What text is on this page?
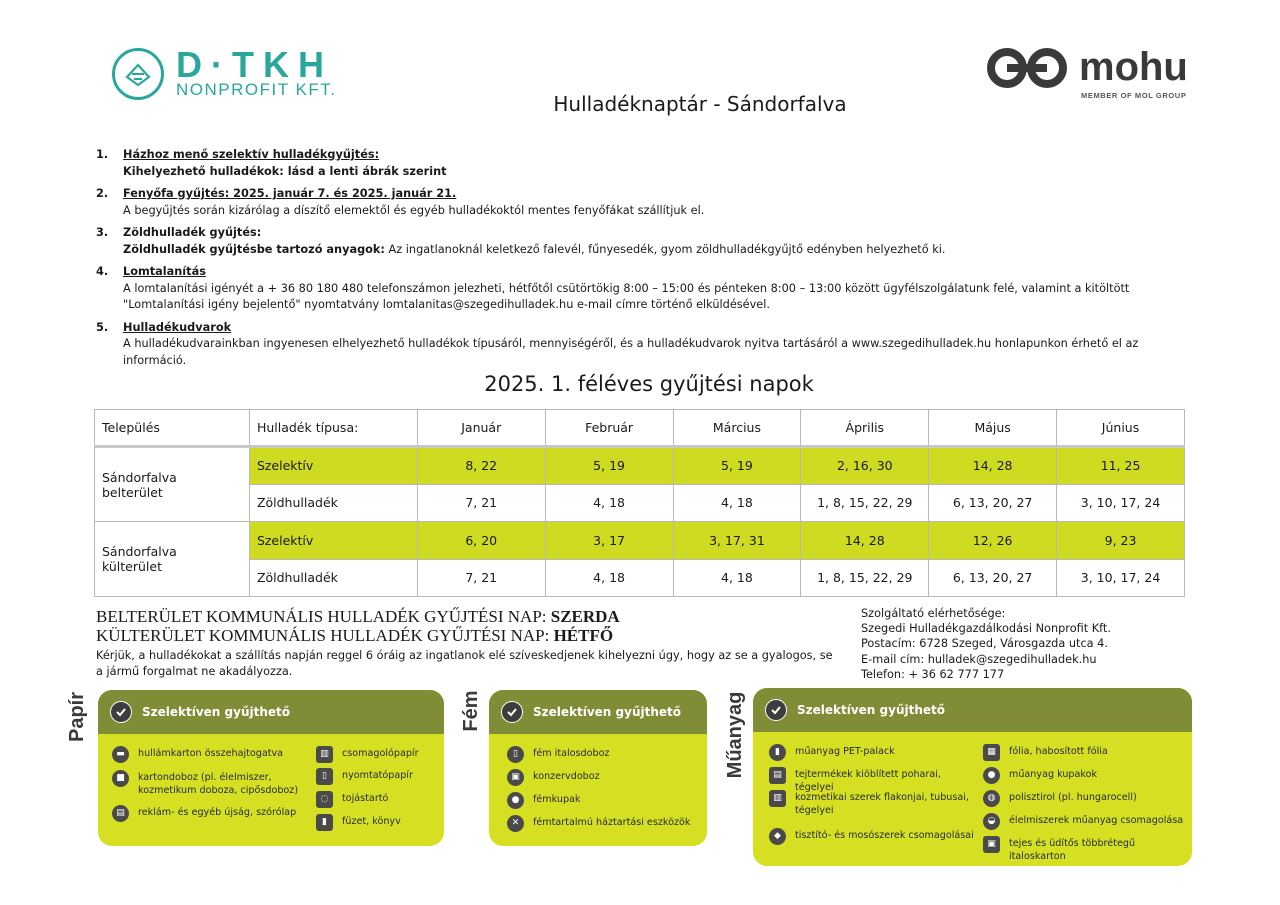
D·TKH
NONPROFIT KFT.
mohu
MEMBER OF MOL GROUP
Hulladéknaptár - Sándorfalva
1. Házhoz menő szelektív hulladékgyűjtés:
Kihelyezhető hulladékok: lásd a lenti ábrák szerint
2. Fenyőfa gyűjtés: 2025. január 7. és 2025. január 21.
A begyűjtés során kizárólag a díszítő elemektől és egyéb hulladékoktól mentes fenyőfákat szállítjuk el.
3. Zöldhulladék gyűjtés:
Zöldhulladék gyűjtésbe tartozó anyagok: Az ingatlanoknál keletkező falevél, fűnyesedék, gyom zöldhulladékgyűjtő edényben helyezhető ki.
4. Lomtalanítás
A lomtalanítási igényét a + 36 80 180 480 telefonszámon jelezheti, hétfőtől csütörtökig 8:00 – 15:00 és pénteken 8:00 – 13:00 között ügyfélszolgálatunk felé, valamint a kitöltött "Lomtalanítási igény bejelentő" nyomtatvány lomtalanitas@szegedihulladek.hu e-mail címre történő elküldésével.
5. Hulladékudvarok
A hulladékudvarainkban ingyenesen elhelyezhető hulladékok típusáról, mennyiségéről, és a hulladékudvarok nyitva tartásáról a www.szegedihulladek.hu honlapunkon érhető el az információ.
2025. 1. féléves gyűjtési napok
Település	Hulladék típusa:	Január	Február	Március	Április	Május	Június
Sándorfalva belterület	Szelektív	8, 22	5, 19	5, 19	2, 16, 30	14, 28	11, 25
	Zöldhulladék	7, 21	4, 18	4, 18	1, 8, 15, 22, 29	6, 13, 20, 27	3, 10, 17, 24
Sándorfalva külterület	Szelektív	6, 20	3, 17	3, 17, 31	14, 28	12, 26	9, 23
	Zöldhulladék	7, 21	4, 18	4, 18	1, 8, 15, 22, 29	6, 13, 20, 27	3, 10, 17, 24
BELTERÜLET KOMMUNÁLIS HULLADÉK GYŰJTÉSI NAP: SZERDA
KÜLTERÜLET KOMMUNÁLIS HULLADÉK GYŰJTÉSI NAP: HÉTFŐ
Kérjük, a hulladékokat a szállítás napján reggel 6 óráig az ingatlanok elé szíveskedjenek kihelyezni úgy, hogy az se a gyalogos, se a jármű forgalmat ne akadályozza.
Szolgáltató elérhetősége:
Szegedi Hulladékgazdálkodási Nonprofit Kft.
Postacím: 6728 Szeged, Városgazda utca 4.
E-mail cím: hulladek@szegedihulladek.hu
Telefon: + 36 62 777 177
Papír	Szelektíven gyűjthető
▬	hullámkarton összehajtogatva
■	kartondoboz (pl. élelmiszer, kozmetikum doboza, cipősdoboz)
▤	reklám- és egyéb újság, szórólap
▥	csomagolópapír
▯	nyomtatópapír
◌	tojástartó
▮	füzet, könyv
Fém	Szelektíven gyűjthető
▯	fém italosdoboz
▣	konzervdoboz
●	fémkupak
✕	fémtartalmú háztartási eszközök
Műanyag	Szelektíven gyűjthető
▮	műanyag PET-palack
▤	tejtermékek kiöblített poharai, tégelyei
▥	kozmetikai szerek flakonjai, tubusai, tégelyei
◆	tisztító- és mosószerek csomagolásai
▦	fólia, habosított fólia
●	műanyag kupakok
◍	polisztirol (pl. hungarocell)
◒	élelmiszerek műanyag csomagolása
▣	tejes és üdítős többrétegű italoskarton
